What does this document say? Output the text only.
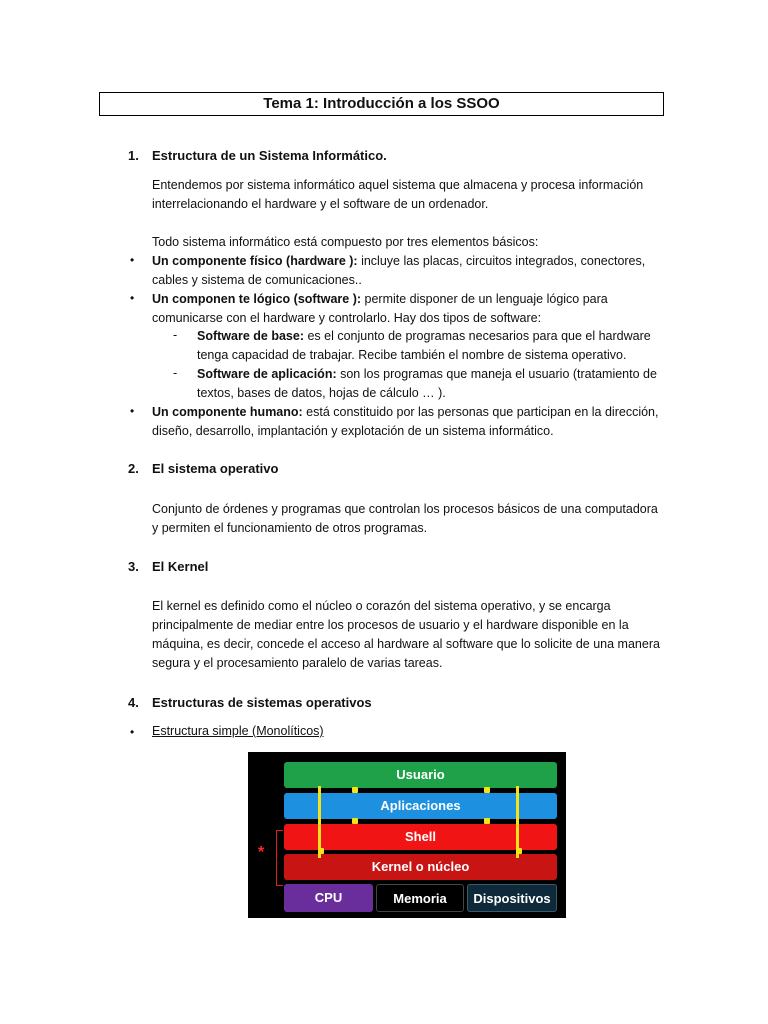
Tema 1: Introducción a los SSOO
1. Estructura de un Sistema Informático.
Entendemos por sistema informático aquel sistema que almacena y procesa información interrelacionando el hardware y el software de un ordenador.
Todo sistema informático está compuesto por tres elementos básicos:
• Un componente físico (hardware ): incluye las placas, circuitos integrados, conectores, cables y sistema de comunicaciones..
• Un componen te lógico (software ): permite disponer de un lenguaje lógico para comunicarse con el hardware y controlarlo. Hay dos tipos de software:
- Software de base: es el conjunto de programas necesarios para que el hardware tenga capacidad de trabajar. Recibe también el nombre de sistema operativo.
- Software de aplicación: son los programas que maneja el usuario (tratamiento de textos, bases de datos, hojas de cálculo … ).
• Un componente humano: está constituido por las personas que participan en la dirección, diseño, desarrollo, implantación y explotación de un sistema informático.
2. El sistema operativo
Conjunto de órdenes y programas que controlan los procesos básicos de una computadora y permiten el funcionamiento de otros programas.
3. El Kernel
El kernel es definido como el núcleo o corazón del sistema operativo, y se encarga principalmente de mediar entre los procesos de usuario y el hardware disponible en la máquina, es decir, concede el acceso al hardware al software que lo solicite de una manera segura y el procesamiento paralelo de varias tareas.
4. Estructuras de sistemas operativos
• Estructura simple (Monolíticos)
Usuario
Aplicaciones
Shell
Kernel o núcleo
CPU	Memoria	Dispositivos
*
